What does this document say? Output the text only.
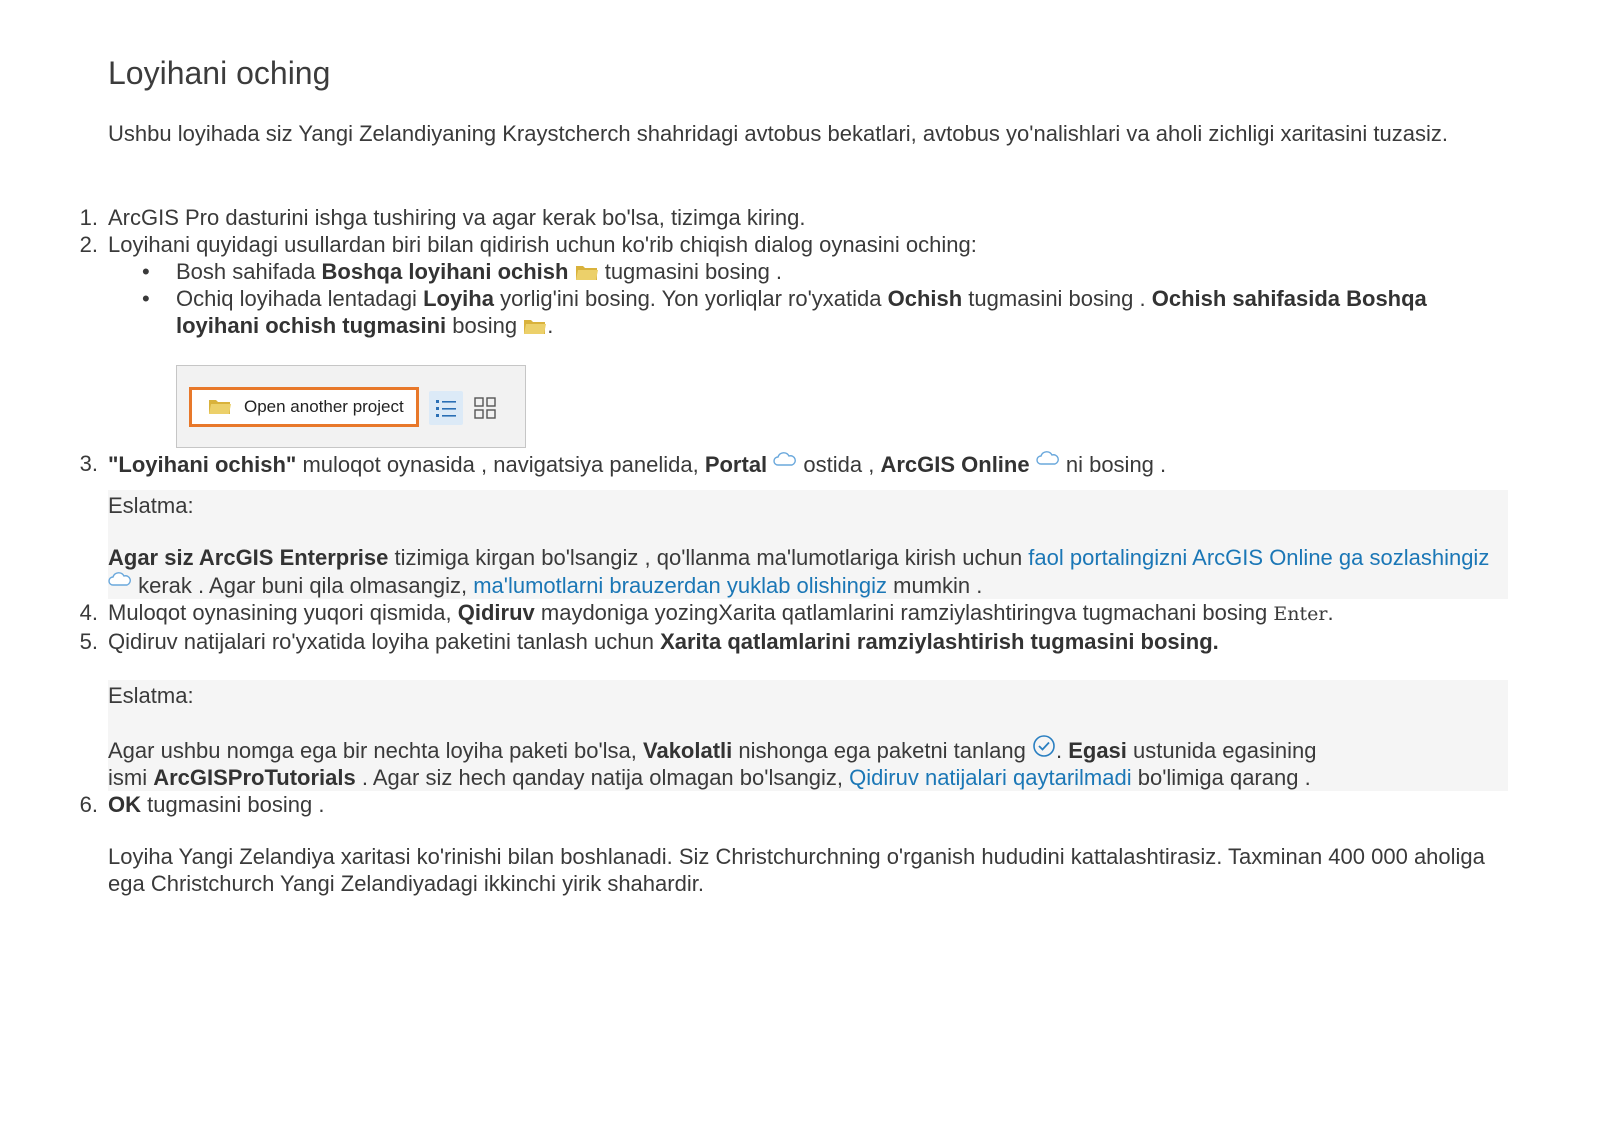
Loyihani oching

Ushbu loyihada siz Yangi Zelandiyaning Kraystcherch shahridagi avtobus bekatlari, avtobus yo'nalishlari va aholi zichligi xaritasini tuzasiz.

1. ArcGIS Pro dasturini ishga tushiring va agar kerak bo'lsa, tizimga kiring.
2. Loyihani quyidagi usullardan biri bilan qidirish uchun ko'rib chiqish dialog oynasini oching:
• Bosh sahifada Boshqa loyihani ochish  tugmasini bosing .
• Ochiq loyihada lentadagi Loyiha yorlig'ini bosing. Yon yorliqlar ro'yxatida Ochish tugmasini bosing . Ochish sahifasida Boshqa loyihani ochish tugmasini bosing .
Open another project
3. "Loyihani ochish" muloqot oynasida , navigatsiya panelida, Portal  ostida , ArcGIS Online  ni bosing .

Eslatma:

Agar siz ArcGIS Enterprise tizimiga kirgan bo'lsangiz , qo'llanma ma'lumotlariga kirish uchun faol portalingizni ArcGIS Online ga sozlashingiz kerak . Agar buni qila olmasangiz, ma'lumotlarni brauzerdan yuklab olishingiz mumkin .

4. Muloqot oynasining yuqori qismida, Qidiruv maydoniga yozingXarita qatlamlarini ramziylashtiringva tugmachani bosing Enter.
5. Qidiruv natijalari ro'yxatida loyiha paketini tanlash uchun Xarita qatlamlarini ramziylashtirish tugmasini bosing.

Eslatma:

Agar ushbu nomga ega bir nechta loyiha paketi bo'lsa, Vakolatli nishonga ega paketni tanlang . Egasi ustunida egasining
ismi ArcGISProTutorials . Agar siz hech qanday natija olmagan bo'lsangiz, Qidiruv natijalari qaytarilmadi bo'limiga qarang .

6. OK tugmasini bosing .

Loyiha Yangi Zelandiya xaritasi ko'rinishi bilan boshlanadi. Siz Christchurchning o'rganish hududini kattalashtirasiz. Taxminan 400 000 aholiga ega Christchurch Yangi Zelandiyadagi ikkinchi yirik shahardir.
